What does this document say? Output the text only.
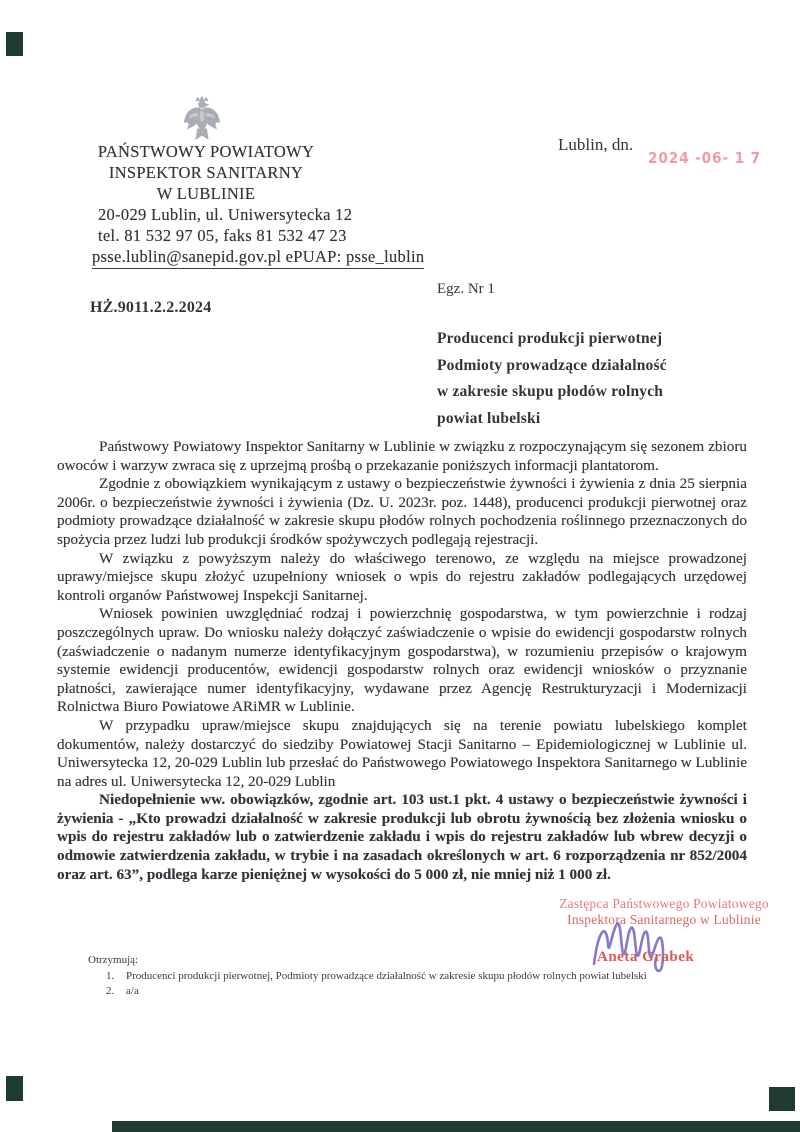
PAŃSTWOWY POWIATOWY
INSPEKTOR SANITARNY
W LUBLINIE
20-029 Lublin, ul. Uniwersytecka 12
tel. 81 532 97 05, faks 81 532 47 23
psse.lublin@sanepid.gov.pl ePUAP: psse_lublin
Lublin, dn.
2024 -06- 1 7
Egz. Nr 1
HŻ.9011.2.2.2024
Producenci produkcji pierwotnej
Podmioty prowadzące działalność
w zakresie skupu płodów rolnych
powiat lubelski

Państwowy Powiatowy Inspektor Sanitarny w Lublinie w związku z rozpoczynającym się sezonem zbioru owoców i warzyw zwraca się z uprzejmą prośbą o przekazanie poniższych informacji plantatorom.

Zgodnie z obowiązkiem wynikającym z ustawy o bezpieczeństwie żywności i żywienia z dnia 25 sierpnia 2006r. o bezpieczeństwie żywności i żywienia (Dz. U. 2023r. poz. 1448), producenci produkcji pierwotnej oraz podmioty prowadzące działalność w zakresie skupu płodów rolnych pochodzenia roślinnego przeznaczonych do spożycia przez ludzi lub produkcji środków spożywczych podlegają rejestracji.

W związku z powyższym należy do właściwego terenowo, ze względu na miejsce prowadzonej uprawy/miejsce skupu złożyć uzupełniony wniosek o wpis do rejestru zakładów podlegających urzędowej kontroli organów Państwowej Inspekcji Sanitarnej.

Wniosek powinien uwzględniać rodzaj i powierzchnię gospodarstwa, w tym powierzchnie i rodzaj poszczególnych upraw. Do wniosku należy dołączyć zaświadczenie o wpisie do ewidencji gospodarstw rolnych (zaświadczenie o nadanym numerze identyfikacyjnym gospodarstwa), w rozumieniu przepisów o krajowym systemie ewidencji producentów, ewidencji gospodarstw rolnych oraz ewidencji wniosków o przyznanie płatności, zawierające numer identyfikacyjny, wydawane przez Agencję Restrukturyzacji i Modernizacji Rolnictwa Biuro Powiatowe ARiMR w Lublinie.

W przypadku upraw/miejsce skupu znajdujących się na terenie powiatu lubelskiego komplet dokumentów, należy dostarczyć do siedziby Powiatowej Stacji Sanitarno – Epidemiologicznej w Lublinie ul. Uniwersytecka 12, 20-029 Lublin lub przesłać do Państwowego Powiatowego Inspektora Sanitarnego w Lublinie na adres ul. Uniwersytecka 12, 20-029 Lublin

Niedopełnienie ww. obowiązków, zgodnie art. 103 ust.1 pkt. 4 ustawy o bezpieczeństwie żywności i żywienia - „Kto prowadzi działalność w zakresie produkcji lub obrotu żywnością bez złożenia wniosku o wpis do rejestru zakładów lub o zatwierdzenie zakładu i wpis do rejestru zakładów lub wbrew decyzji o odmowie zatwierdzenia zakładu, w trybie i na zasadach określonych w art. 6 rozporządzenia nr 852/2004 oraz art. 63”, podlega karze pieniężnej w wysokości do 5 000 zł, nie mniej niż 1 000 zł.

Zastępca Państwowego Powiatowego
Inspektora Sanitarnego w Lublinie
Aneta Grabek
Otrzymują:
1. Producenci produkcji pierwotnej, Podmioty prowadzące działalność w zakresie skupu płodów rolnych powiat lubelski
2. a/a
